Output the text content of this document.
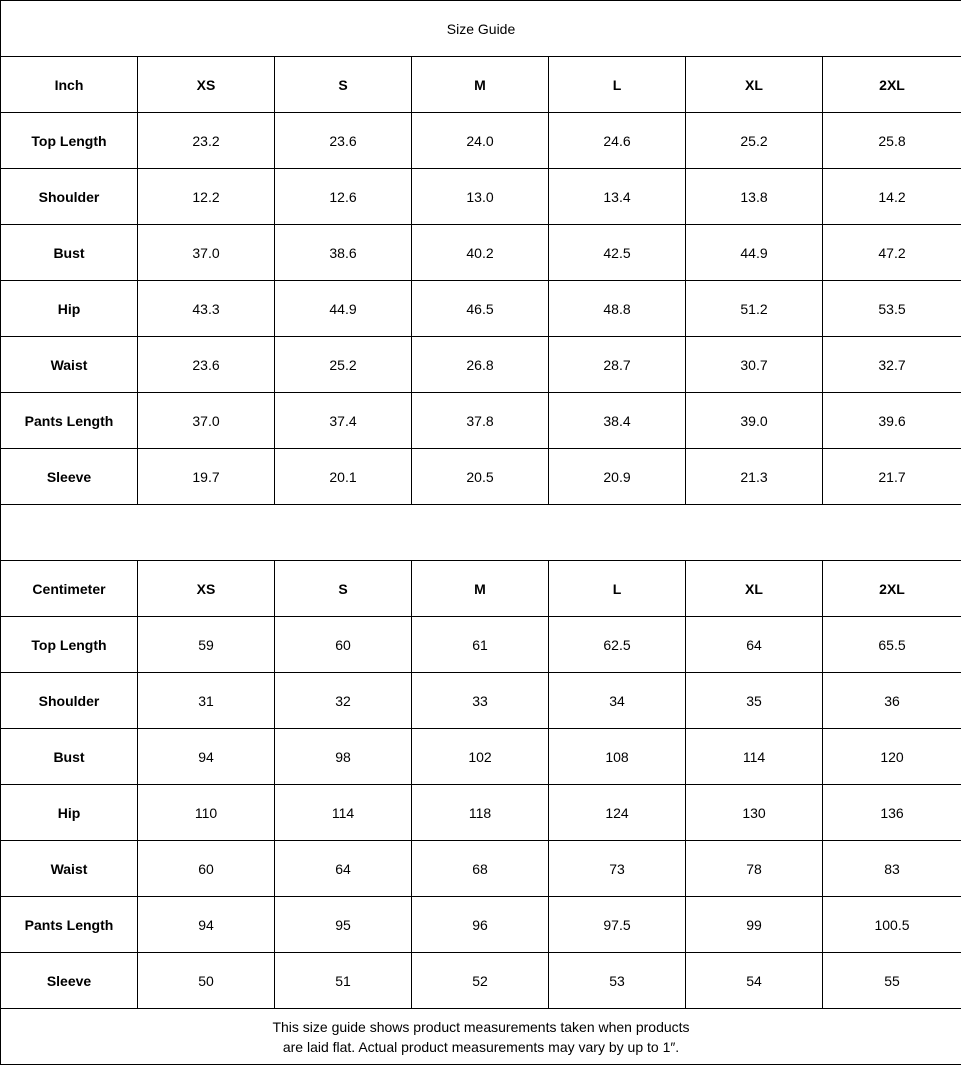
Size Guide						
Inch	XS	S	M	L	XL	2XL
Top Length	23.2	23.6	24.0	24.6	25.2	25.8
Shoulder	12.2	12.6	13.0	13.4	13.8	14.2
Bust	37.0	38.6	40.2	42.5	44.9	47.2
Hip	43.3	44.9	46.5	48.8	51.2	53.5
Waist	23.6	25.2	26.8	28.7	30.7	32.7
Pants Length	37.0	37.4	37.8	38.4	39.0	39.6
Sleeve	19.7	20.1	20.5	20.9	21.3	21.7

Centimeter	XS	S	M	L	XL	2XL
Top Length	59	60	61	62.5	64	65.5
Shoulder	31	32	33	34	35	36
Bust	94	98	102	108	114	120
Hip	110	114	118	124	130	136
Waist	60	64	68	73	78	83
Pants Length	94	95	96	97.5	99	100.5
Sleeve	50	51	52	53	54	55

This size guide shows product measurements taken when products
are laid flat. Actual product measurements may vary by up to 1″.						
